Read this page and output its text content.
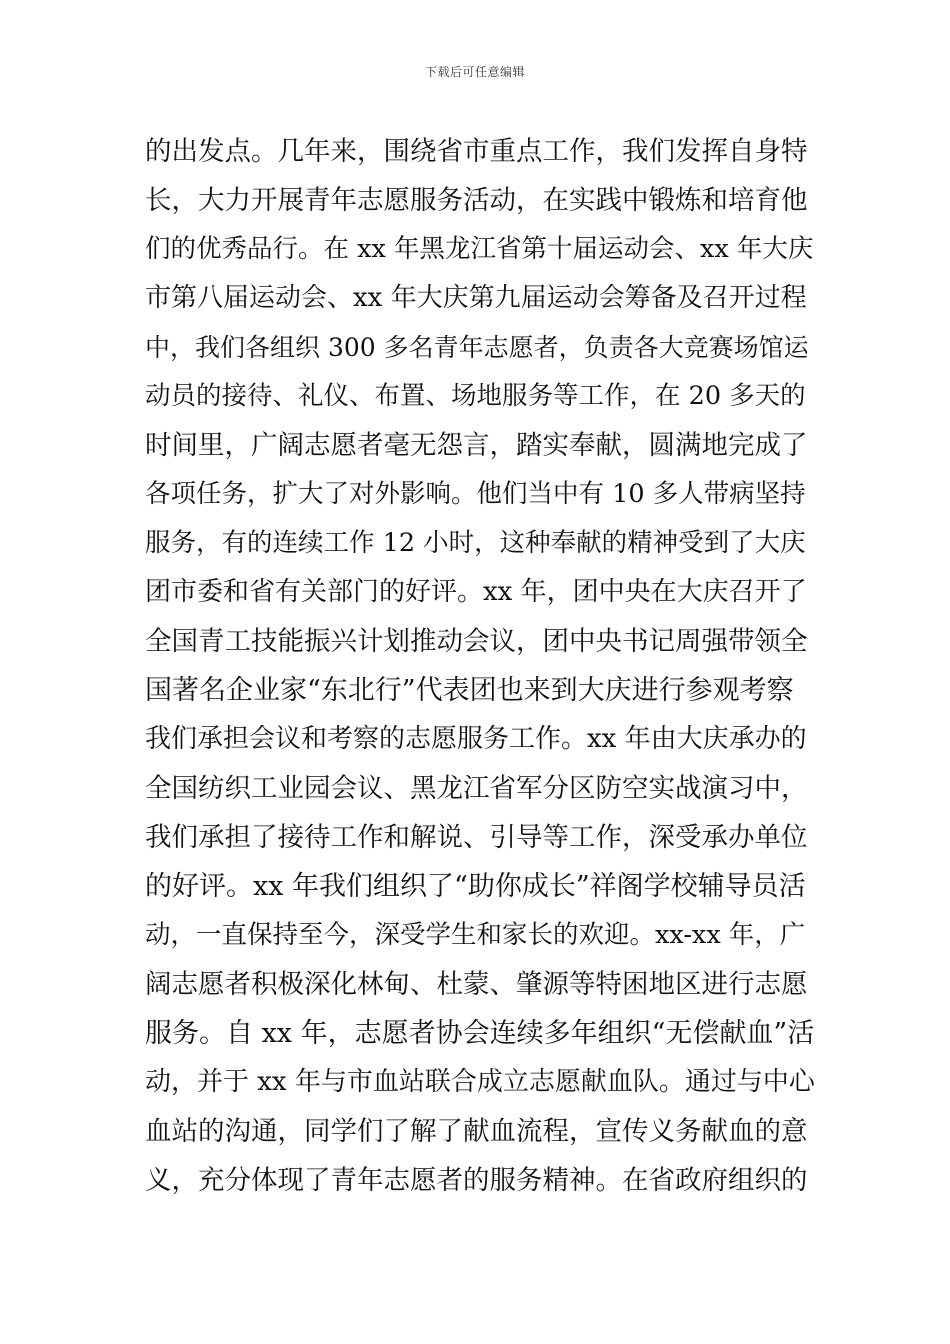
下载后可任意编辑
的出发点。几年来，围绕省市重点工作，我们发挥自身特
长，大力开展青年志愿服务活动，在实践中锻炼和培育他
们的优秀品行。在 xx 年黑龙江省第十届运动会、xx 年大庆
市第八届运动会、xx 年大庆第九届运动会筹备及召开过程
中，我们各组织 300 多名青年志愿者，负责各大竞赛场馆运
动员的接待、礼仪、布置、场地服务等工作，在 20 多天的
时间里，广阔志愿者毫无怨言，踏实奉献，圆满地完成了
各项任务，扩大了对外影响。他们当中有 10 多人带病坚持
服务，有的连续工作 12 小时，这种奉献的精神受到了大庆
团市委和省有关部门的好评。xx 年，团中央在大庆召开了
全国青工技能振兴计划推动会议，团中央书记周强带领全
国著名企业家“东北行”代表团也来到大庆进行参观考察
我们承担会议和考察的志愿服务工作。xx 年由大庆承办的
全国纺织工业园会议、黑龙江省军分区防空实战演习中，
我们承担了接待工作和解说、引导等工作，深受承办单位
的好评。xx 年我们组织了“助你成长”祥阁学校辅导员活
动，一直保持至今，深受学生和家长的欢迎。xx-xx 年，广
阔志愿者积极深化林甸、杜蒙、肇源等特困地区进行志愿
服务。自 xx 年，志愿者协会连续多年组织“无偿献血”活
动，并于 xx 年与市血站联合成立志愿献血队。通过与中心
血站的沟通，同学们了解了献血流程，宣传义务献血的意
义，充分体现了青年志愿者的服务精神。在省政府组织的
